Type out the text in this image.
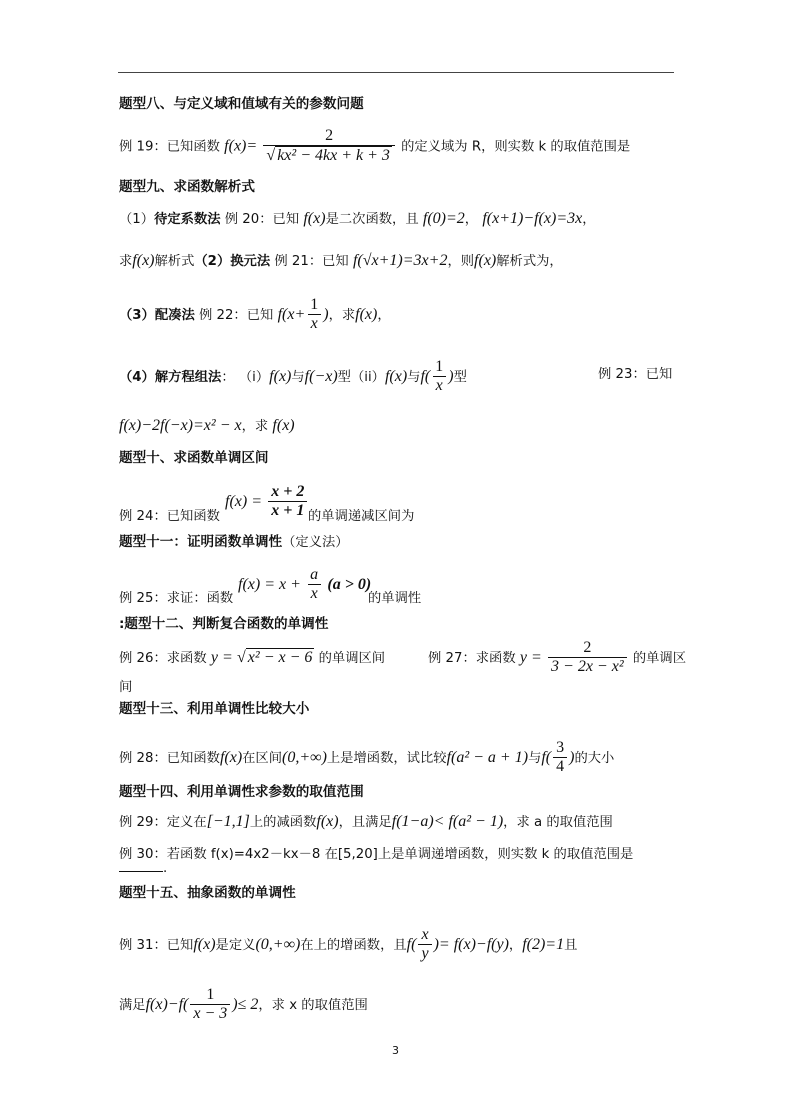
题型八、与定义域和值域有关的参数问题
例 19：已知函数 $f(x)= \frac{2}{\text{√ kx² − 4kx + k + 3}}$ 的定义域为 R，则实数 k 的取值范围是
题型九、求函数解析式
（1）待定系数法 例 20：已知 f(x)是二次函数，且 f(0)=2， f(x+1)−f(x)=3x，
求f(x)解析式（2）换元法 例 21：已知 f(√x+1)=3x+2，则f(x)解析式为，
（3）配凑法 例 22：已知 $f(x+ \frac{1}{x}$ )，求f(x)，
（4）解方程组法： （i）f(x)与f(−x)型（ii）f(x)与$f( \frac{1}{x}$ )型	例 23：已知
f(x)−2f(−x)=x² − x，求 f(x)
题型十、求函数单调区间
$f(x) = \frac{x + 2}{x + 1}$
例 24：已知函数	的单调递减区间为
题型十一：证明函数单调性（定义法）
$f(x) = x + \frac{a}{x} (a > 0)$
例 25：求证：函数	的单调性
:题型十二、判断复合函数的单调性
例 26：求函数 y = √ x² − x − 6 的单调区间	例 27：求函数 $y = \frac{2}{\text{3 − 2x − x²}}$ 的单调区
间
题型十三、利用单调性比较大小
例 28：已知函数f(x)在区间(0,+∞)上是增函数，试比较f(a² − a + 1)与$f( \frac{3}{4}$ )的大小
题型十四、利用单调性求参数的取值范围
例 29：定义在[−1,1]上的减函数f(x)，且满足f(1−a)< f(a² − 1)，求 a 的取值范围
例 30：若函数 f(x)=4x2－kx－8 在[5,20]上是单调递增函数，则实数 k 的取值范围是
.
题型十五、抽象函数的单调性
例 31：已知f(x)是定义(0,+∞)在上的增函数，且$f( \frac{x}{y}$ )= f(x)−f(y)，f(2)=1且
满足$f(x)-f( \frac{1}{x - 3}$ )≤ 2，求 x 的取值范围
3
